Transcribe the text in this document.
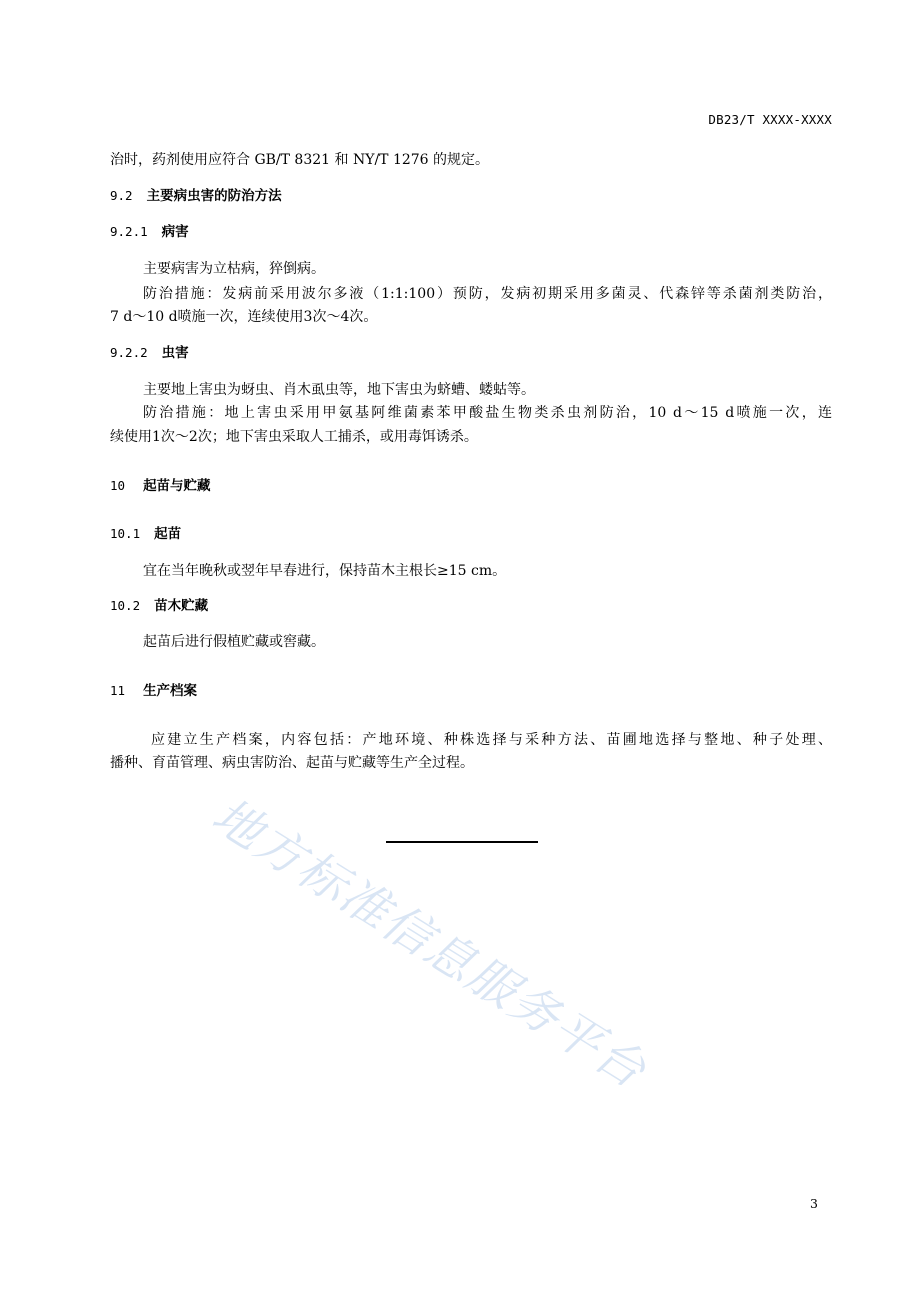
DB23/T XXXX-XXXX
治时，药剂使用应符合 GB/T 8321 和 NY/T 1276 的规定。
9.2 主要病虫害的防治方法
9.2.1 病害
主要病害为立枯病，猝倒病。
防治措施：发病前采用波尔多液（1:1:100）预防，发病初期采用多菌灵、代森锌等杀菌剂类防治，
7 d～10 d喷施一次，连续使用3次～4次。
9.2.2 虫害
主要地上害虫为蚜虫、肖木虱虫等，地下害虫为蛴螬、蝼蛄等。
防治措施：地上害虫采用甲氨基阿维菌素苯甲酸盐生物类杀虫剂防治，10 d～15 d喷施一次，连
续使用1次～2次；地下害虫采取人工捕杀，或用毒饵诱杀。
10 起苗与贮藏
10.1 起苗
宜在当年晚秋或翌年早春进行，保持苗木主根长≥15 cm。
10.2 苗木贮藏
起苗后进行假植贮藏或窖藏。
11 生产档案
应建立生产档案，内容包括：产地环境、种株选择与采种方法、苗圃地选择与整地、种子处理、
播种、育苗管理、病虫害防治、起苗与贮藏等生产全过程。
地方标准信息服务平台
3
